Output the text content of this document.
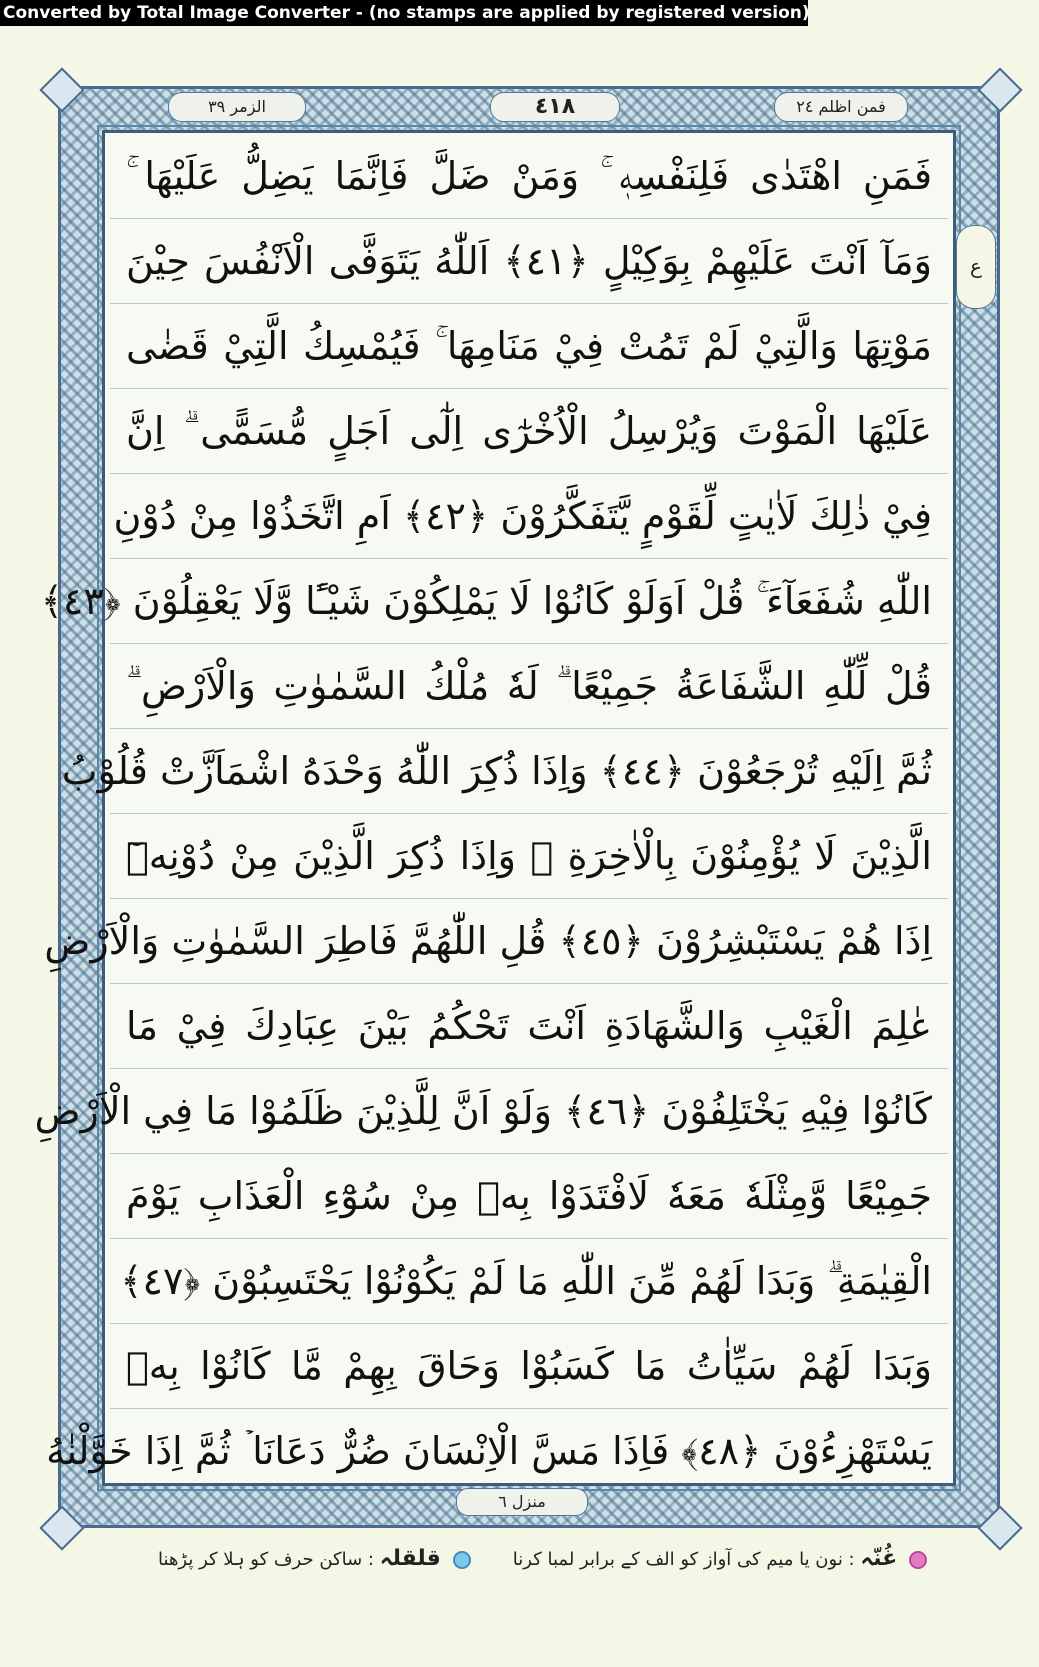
Converted by Total Image Converter - (no stamps are applied by registered version)
الزمر ٣٩	٤١٨	فمن اظلم ٢٤
ع
فَمَنِ اهْتَدٰى فَلِنَفْسِهٖ ۚ وَمَنْ ضَلَّ فَاِنَّمَا يَضِلُّ عَلَيْهَا ۚ
وَمَآ اَنْتَ عَلَيْهِمْ بِوَكِيْلٍ ﴿٤١﴾ اَللّٰهُ يَتَوَفَّى الْاَنْفُسَ حِيْنَ
مَوْتِهَا وَالَّتِيْ لَمْ تَمُتْ فِيْ مَنَامِهَا ۚ فَيُمْسِكُ الَّتِيْ قَضٰى
عَلَيْهَا الْمَوْتَ وَيُرْسِلُ الْاُخْرٰٓى اِلٰٓى اَجَلٍ مُّسَمًّى ۗ اِنَّ
فِيْ ذٰلِكَ لَاٰيٰتٍ لِّقَوْمٍ يَّتَفَكَّرُوْنَ ﴿٤٢﴾ اَمِ اتَّخَذُوْا مِنْ دُوْنِ
اللّٰهِ شُفَعَآءَ ۚ قُلْ اَوَلَوْ كَانُوْا لَا يَمْلِكُوْنَ شَيْـًٔا وَّلَا يَعْقِلُوْنَ ﴿٤٣﴾
قُلْ لِّلّٰهِ الشَّفَاعَةُ جَمِيْعًا ۗ لَهٗ مُلْكُ السَّمٰوٰتِ وَالْاَرْضِ ۗ
ثُمَّ اِلَيْهِ تُرْجَعُوْنَ ﴿٤٤﴾ وَاِذَا ذُكِرَ اللّٰهُ وَحْدَهُ اشْمَاَزَّتْ قُلُوْبُ
الَّذِيْنَ لَا يُؤْمِنُوْنَ بِالْاٰخِرَةِ ۚ وَاِذَا ذُكِرَ الَّذِيْنَ مِنْ دُوْنِهٖٓ
اِذَا هُمْ يَسْتَبْشِرُوْنَ ﴿٤٥﴾ قُلِ اللّٰهُمَّ فَاطِرَ السَّمٰوٰتِ وَالْاَرْضِ
عٰلِمَ الْغَيْبِ وَالشَّهَادَةِ اَنْتَ تَحْكُمُ بَيْنَ عِبَادِكَ فِيْ مَا
كَانُوْا فِيْهِ يَخْتَلِفُوْنَ ﴿٤٦﴾ وَلَوْ اَنَّ لِلَّذِيْنَ ظَلَمُوْا مَا فِي الْاَرْضِ
جَمِيْعًا وَّمِثْلَهٗ مَعَهٗ لَافْتَدَوْا بِهٖ مِنْ سُوْٓءِ الْعَذَابِ يَوْمَ
الْقِيٰمَةِ ۗ وَبَدَا لَهُمْ مِّنَ اللّٰهِ مَا لَمْ يَكُوْنُوْا يَحْتَسِبُوْنَ ﴿٤٧﴾
وَبَدَا لَهُمْ سَيِّاٰتُ مَا كَسَبُوْا وَحَاقَ بِهِمْ مَّا كَانُوْا بِهٖ
يَسْتَهْزِءُوْنَ ﴿٤٨﴾ فَاِذَا مَسَّ الْاِنْسَانَ ضُرٌّ دَعَانَا ۡ ثُمَّ اِذَا خَوَّلْنٰهُ
منزل ٦
غُنّہ : نون یا میم کی آواز کو الف کے برابر لمبا کرنا
قلقلہ : ساکن حرف کو ہلا کر پڑھنا
